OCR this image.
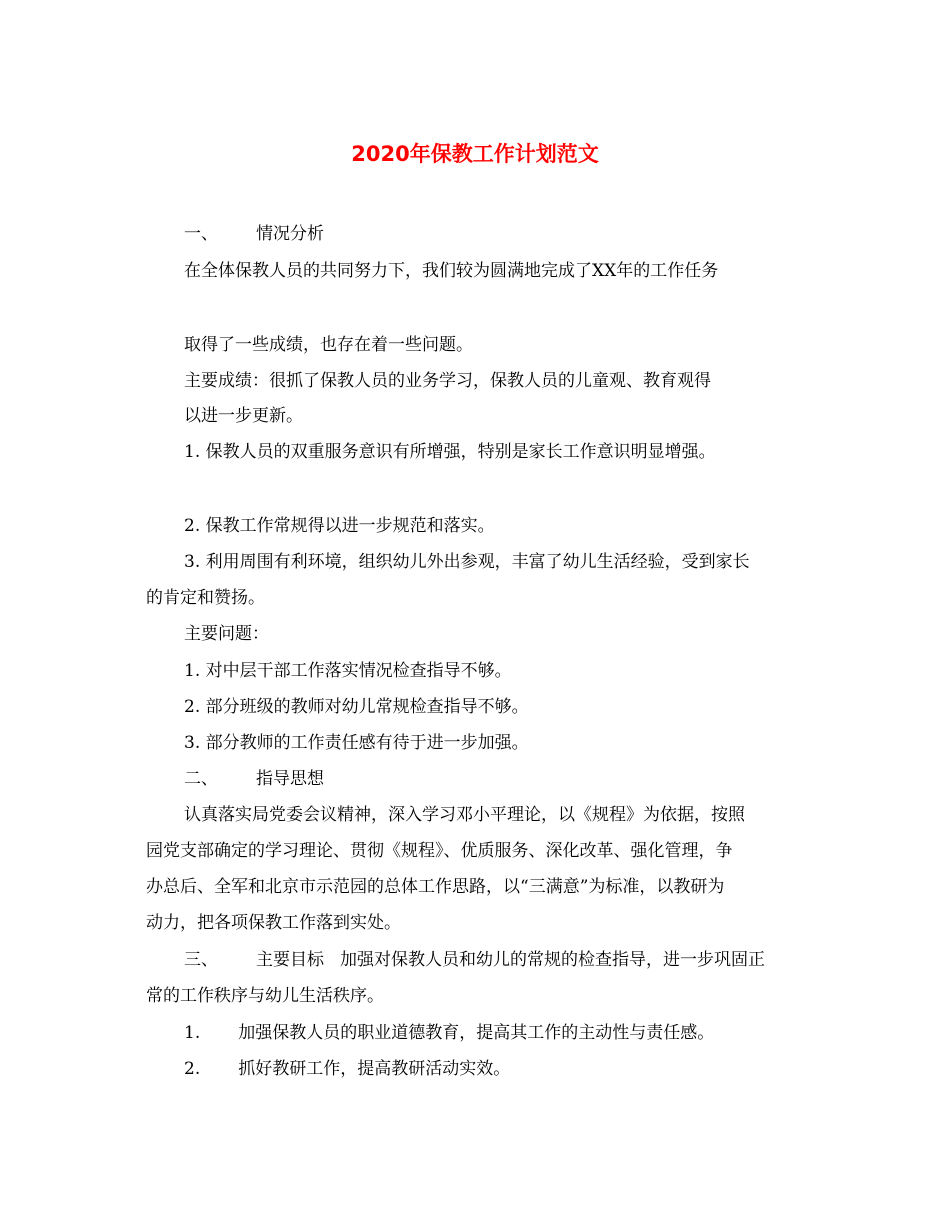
2020年保教工作计划范文
一、 情况分析
在全体保教人员的共同努力下，我们较为圆满地完成了XX年的工作任务
取得了一些成绩，也存在着一些问题。
主要成绩：很抓了保教人员的业务学习，保教人员的儿童观、教育观得
以进一步更新。
1. 保教人员的双重服务意识有所增强，特别是家长工作意识明显增强。
2. 保教工作常规得以进一步规范和落实。
3. 利用周围有利环境，组织幼儿外出参观，丰富了幼儿生活经验，受到家长
的肯定和赞扬。
主要问题：
1. 对中层干部工作落实情况检查指导不够。
2. 部分班级的教师对幼儿常规检查指导不够。
3. 部分教师的工作责任感有待于进一步加强。
二、 指导思想
认真落实局党委会议精神，深入学习邓小平理论，以《规程》为依据，按照
园党支部确定的学习理论、贯彻《规程》、优质服务、深化改革、强化管理，争
办总后、全军和北京市示范园的总体工作思路，以“三满意”为标准，以教研为
动力，把各项保教工作落到实处。
三、 主要目标 加强对保教人员和幼儿的常规的检查指导，进一步巩固正
常的工作秩序与幼儿生活秩序。
1. 加强保教人员的职业道德教育，提高其工作的主动性与责任感。
2. 抓好教研工作，提高教研活动实效。
